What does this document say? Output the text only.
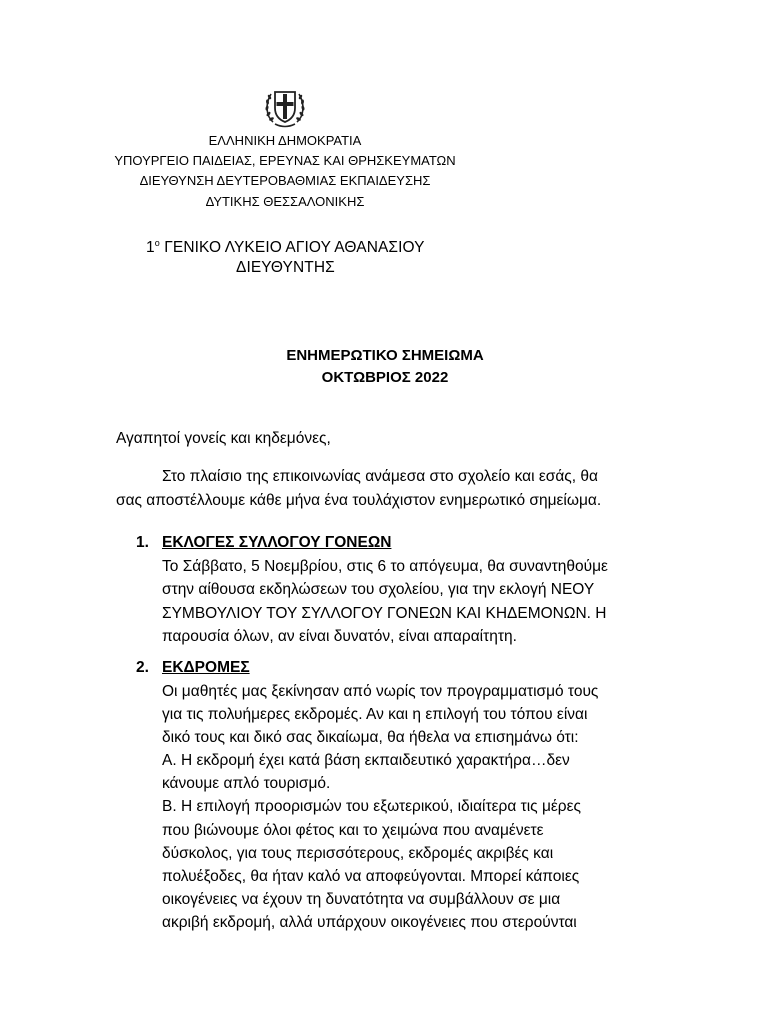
ΕΛΛΗΝΙΚΗ ΔΗΜΟΚΡΑΤΙΑ
ΥΠΟΥΡΓΕΙΟ ΠΑΙΔΕΙΑΣ, ΕΡΕΥΝΑΣ ΚΑΙ ΘΡΗΣΚΕΥΜΑΤΩΝ
ΔΙΕΥΘΥΝΣΗ ΔΕΥΤΕΡΟΒΑΘΜΙΑΣ ΕΚΠΑΙΔΕΥΣΗΣ
ΔΥΤΙΚΗΣ ΘΕΣΣΑΛΟΝΙΚΗΣ
$1^o$ ΓΕΝΙΚΟ ΛΥΚΕΙΟ ΑΓΙΟΥ ΑΘΑΝΑΣΙΟΥ
ΔΙΕΥΘΥΝΤΗΣ
ΕΝΗΜΕΡΩΤΙΚΟ ΣΗΜΕΙΩΜΑ
ΟΚΤΩΒΡΙΟΣ 2022
Αγαπητοί γονείς και κηδεμόνες,
Στο πλαίσιο της επικοινωνίας ανάμεσα στο σχολείο και εσάς, θα
σας αποστέλλουμε κάθε μήνα ένα τουλάχιστον ενημερωτικό σημείωμα.
1. ΕΚΛΟΓΕΣ ΣΥΛΛΟΓΟΥ ΓΟΝΕΩΝ
Το Σάββατο, 5 Νοεμβρίου, στις 6 το απόγευμα, θα συναντηθούμε
στην αίθουσα εκδηλώσεων του σχολείου, για την εκλογή ΝΕΟΥ
ΣΥΜΒΟΥΛΙΟΥ ΤΟΥ ΣΥΛΛΟΓΟΥ ΓΟΝΕΩΝ ΚΑΙ ΚΗΔΕΜΟΝΩΝ. Η
παρουσία όλων, αν είναι δυνατόν, είναι απαραίτητη.
2. ΕΚΔΡΟΜΕΣ
Οι μαθητές μας ξεκίνησαν από νωρίς τον προγραμματισμό τους
για τις πολυήμερες εκδρομές. Αν και η επιλογή του τόπου είναι
δικό τους και δικό σας δικαίωμα, θα ήθελα να επισημάνω ότι:
Α. Η εκδρομή έχει κατά βάση εκπαιδευτικό χαρακτήρα…δεν
κάνουμε απλό τουρισμό.
Β. Η επιλογή προορισμών του εξωτερικού, ιδιαίτερα τις μέρες
που βιώνουμε όλοι φέτος και το χειμώνα που αναμένετε
δύσκολος, για τους περισσότερους, εκδρομές ακριβές και
πολυέξοδες, θα ήταν καλό να αποφεύγονται. Μπορεί κάποιες
οικογένειες να έχουν τη δυνατότητα να συμβάλλουν σε μια
ακριβή εκδρομή, αλλά υπάρχουν οικογένειες που στερούνται
